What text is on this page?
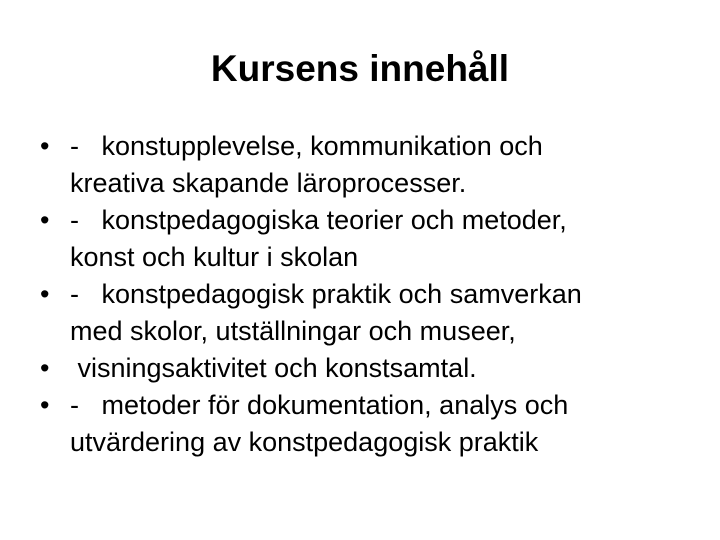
Kursens innehåll
• -   konstupplevelse, kommunikation och
kreativa skapande läroprocesser.
• -   konstpedagogiska teorier och metoder,
konst och kultur i skolan
• -   konstpedagogisk praktik och samverkan
med skolor, utställningar och museer,
• visningsaktivitet och konstsamtal.
• -   metoder för dokumentation, analys och
utvärdering av konstpedagogisk praktik
